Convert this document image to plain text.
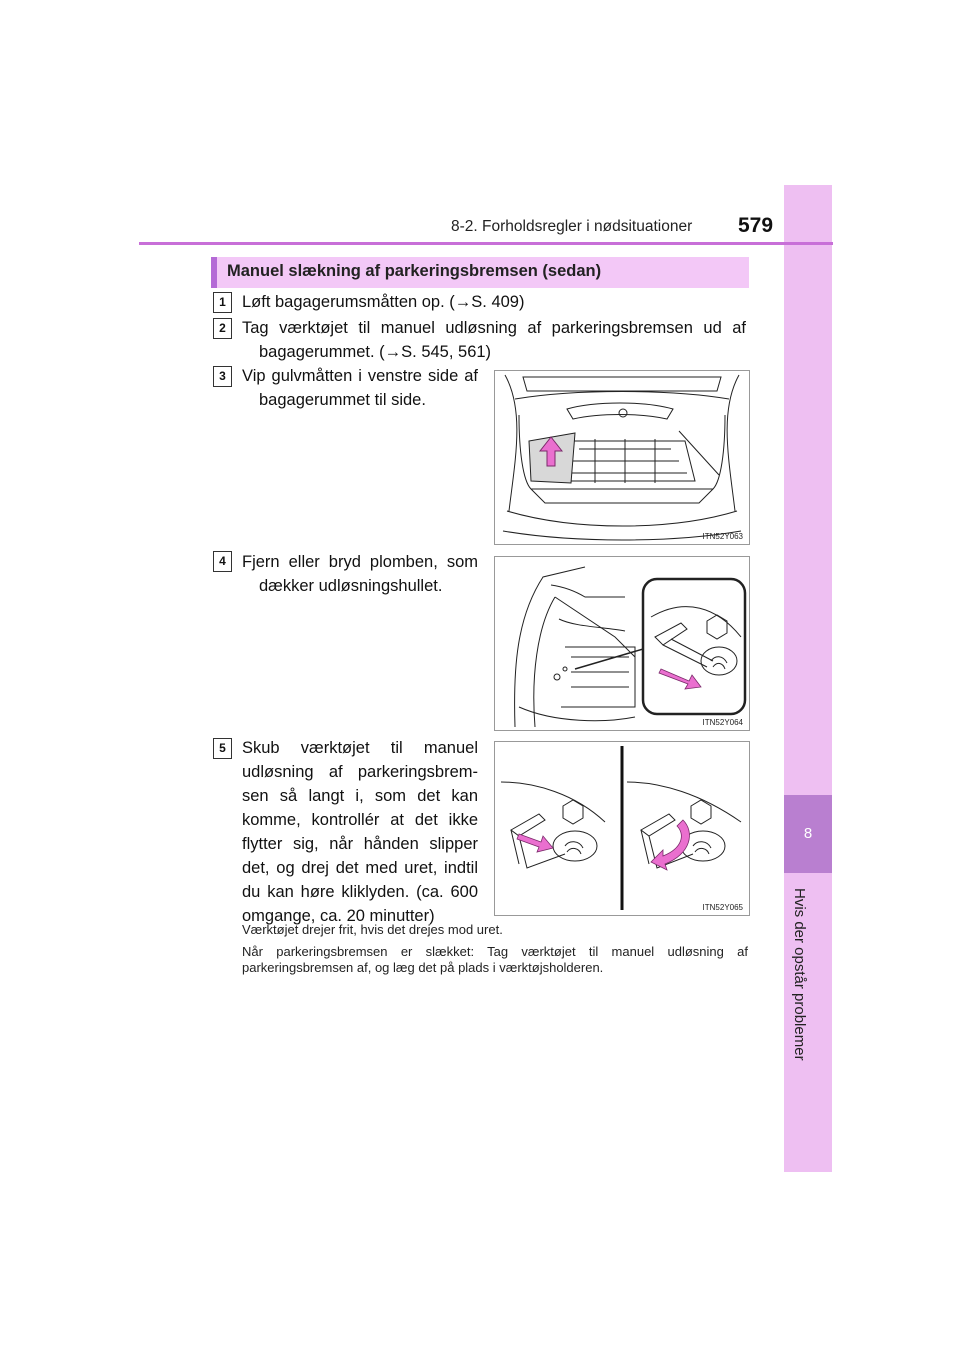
8
Hvis der opstår problemer
8-2. Forholdsregler i nødsituationer 579
Manuel slækning af parkeringsbremsen (sedan)
1 Løft bagagerumsmåtten op. (→S. 409)
2 Tag værktøjet til manuel udløsning af parkeringsbremsen ud af
bagagerummet. (→S. 545, 561)
3 Vip gulvmåtten i venstre side af
bagagerummet til side.
ITN52Y063
4 Fjern eller bryd plomben, som
dækker udløsningshullet.
ITN52Y064
5 Skub værktøjet til manuel
udløsning af parkeringsbrem-
sen så langt i, som det kan
komme, kontrollér at det ikke
flytter sig, når hånden slipper
det, og drej det med uret, indtil
du kan høre kliklyden. (ca. 600
omgange, ca. 20 minutter)	ITN52Y065
Værktøjet drejer frit, hvis det drejes mod uret.
Når parkeringsbremsen er slækket: Tag værktøjet til manuel udløsning af
parkeringsbremsen af, og læg det på plads i værktøjsholderen.
